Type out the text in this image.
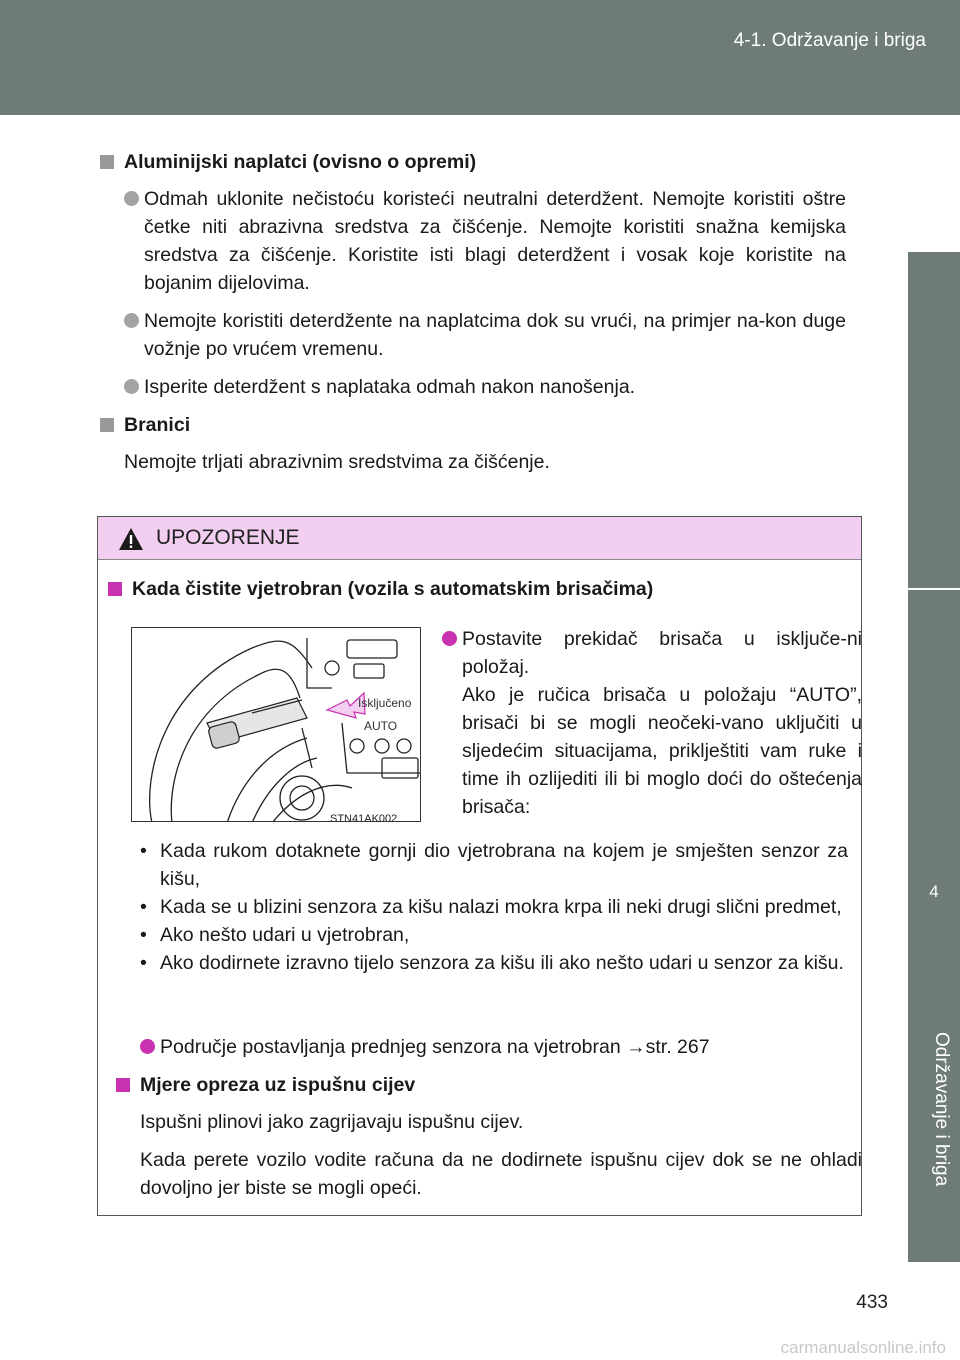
4-1. Održavanje i briga
4
Održavanje i briga
Aluminijski naplatci (ovisno o opremi)
Odmah uklonite nečistoću koristeći neutralni deterdžent. Nemojte koristiti oštre četke niti abrazivna sredstva za čišćenje. Nemojte koristiti snažna kemijska sredstva za čišćenje. Koristite isti blagi deterdžent i vosak koje koristite na bojanim dijelovima.
Nemojte koristiti deterdžente na naplatcima dok su vrući, na primjer na-kon duge vožnje po vrućem vremenu.
Isperite deterdžent s naplataka odmah nakon nanošenja.
Branici
Nemojte trljati abrazivnim sredstvima za čišćenje.
UPOZORENJE
Kada čistite vjetrobran (vozila s automatskim brisačima)
Isključeno
AUTO
STN41AK002
Postavite prekidač brisača u isključe-ni položaj.
Ako je ručica brisača u položaju “AUTO”, brisači bi se mogli neočeki-vano uključiti u sljedećim situacijama, priklještiti vam ruke i time ih ozlijediti ili bi moglo doći do oštećenja brisača:
• Kada rukom dotaknete gornji dio vjetrobrana na kojem je smješten senzor za kišu,
• Kada se u blizini senzora za kišu nalazi mokra krpa ili neki drugi slični predmet,
• Ako nešto udari u vjetrobran,
• Ako dodirnete izravno tijelo senzora za kišu ili ako nešto udari u senzor za kišu.
Područje postavljanja prednjeg senzora na vjetrobran →str. 267
Mjere opreza uz ispušnu cijev
Ispušni plinovi jako zagrijavaju ispušnu cijev.
Kada perete vozilo vodite računa da ne dodirnete ispušnu cijev dok se ne ohladi dovoljno jer biste se mogli opeći.
433
carmanualsonline.info
